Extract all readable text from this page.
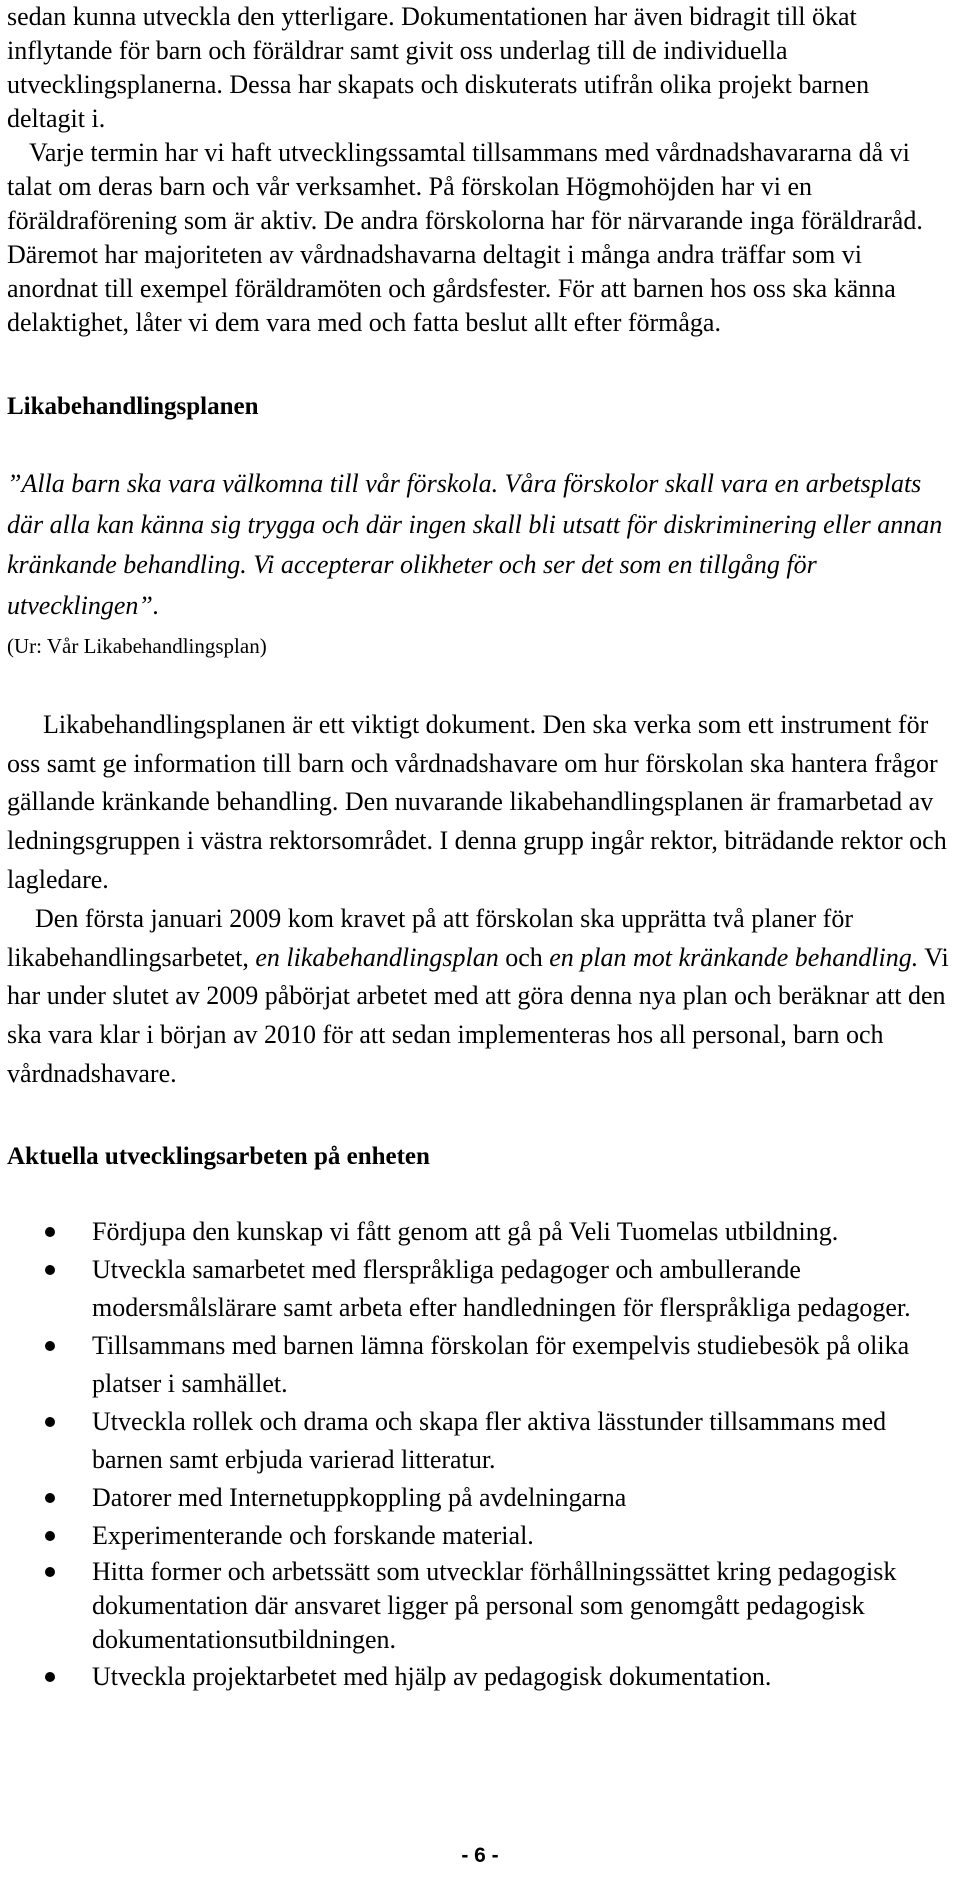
sedan kunna utveckla den ytterligare. Dokumentationen har även bidragit till ökat inflytande för barn och föräldrar samt givit oss underlag till de individuella utvecklingsplanerna. Dessa har skapats och diskuterats utifrån olika projekt barnen deltagit i.

Varje termin har vi haft utvecklingssamtal tillsammans med vårdnadshavararna då vi talat om deras barn och vår verksamhet. På förskolan Högmohöjden har vi en föräldraförening som är aktiv. De andra förskolorna har för närvarande inga föräldraråd. Däremot har majoriteten av vårdnadshavarna deltagit i många andra träffar som vi anordnat till exempel föräldramöten och gårdsfester. För att barnen hos oss ska känna delaktighet, låter vi dem vara med och fatta beslut allt efter förmåga.

Likabehandlingsplanen

”Alla barn ska vara välkomna till vår förskola. Våra förskolor skall vara en arbetsplats där alla kan känna sig trygga och där ingen skall bli utsatt för diskriminering eller annan kränkande behandling. Vi accepterar olikheter och ser det som en tillgång för utvecklingen”.

(Ur: Vår Likabehandlingsplan)

Likabehandlingsplanen är ett viktigt dokument. Den ska verka som ett instrument för oss samt ge information till barn och vårdnadshavare om hur förskolan ska hantera frågor gällande kränkande behandling. Den nuvarande likabehandlingsplanen är framarbetad av ledningsgruppen i västra rektorsområdet. I denna grupp ingår rektor, biträdande rektor och lagledare.

Den första januari 2009 kom kravet på att förskolan ska upprätta två planer för likabehandlingsarbetet, en likabehandlingsplan och en plan mot kränkande behandling. Vi har under slutet av 2009 påbörjat arbetet med att göra denna nya plan och beräknar att den ska vara klar i början av 2010 för att sedan implementeras hos all personal, barn och vårdnadshavare.

Aktuella utvecklingsarbeten på enheten
Fördjupa den kunskap vi fått genom att gå på Veli Tuomelas utbildning.
Utveckla samarbetet med flerspråkliga pedagoger och ambullerande modersmålslärare samt arbeta efter handledningen för flerspråkliga pedagoger.
Tillsammans med barnen lämna förskolan för exempelvis studiebesök på olika platser i samhället.
Utveckla rollek och drama och skapa fler aktiva lässtunder tillsammans med barnen samt erbjuda varierad litteratur.
Datorer med Internetuppkoppling på avdelningarna
Experimenterande och forskande material.
Hitta former och arbetssätt som utvecklar förhållningssättet kring pedagogisk dokumentation där ansvaret ligger på personal som genomgått pedagogisk dokumentationsutbildningen.
Utveckla projektarbetet med hjälp av pedagogisk dokumentation.
- 6 -
